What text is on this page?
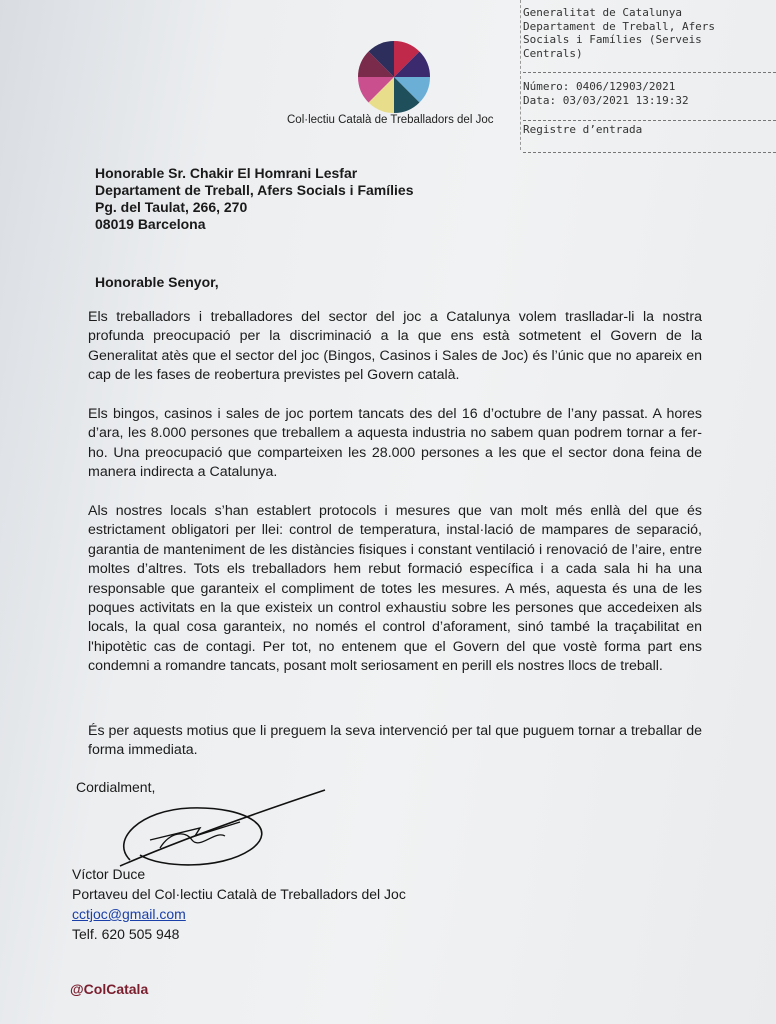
Generalitat de Catalunya
Departament de Treball, Afers
Socials i Famílies (Serveis
Centrals)
Número: 0406/12903/2021
Data: 03/03/2021 13:19:32
Registre d’entrada
Col·lectiu Català de Treballadors del Joc
Honorable Sr. Chakir El Homrani Lesfar
Departament de Treball, Afers Socials i Famílies
Pg. del Taulat, 266, 270
08019 Barcelona
Honorable Senyor,
Els treballadors i treballadores del sector del joc a Catalunya volem traslladar-li la nostra profunda preocupació per la discriminació a la que ens està sotmetent el Govern de la Generalitat atès que el sector del joc (Bingos, Casinos i Sales de Joc) és l’únic que no apareix en cap de les fases de reobertura previstes pel Govern català.
Els bingos, casinos i sales de joc portem tancats des del 16 d’octubre de l’any passat. A hores d’ara, les 8.000 persones que treballem a aquesta industria no sabem quan podrem tornar a fer-ho. Una preocupació que comparteixen les 28.000 persones a les que el sector dona feina de manera indirecta a Catalunya.
Als nostres locals s’han establert protocols i mesures que van molt més enllà del que és estrictament obligatori per llei: control de temperatura, instal·lació de mampares de separació, garantia de manteniment de les distàncies fisiques i constant ventilació i renovació de l’aire, entre moltes d’altres. Tots els treballadors hem rebut formació específica i a cada sala hi ha una responsable que garanteix el compliment de totes les mesures. A més, aquesta és una de les poques activitats en la que existeix un control exhaustiu sobre les persones que accedeixen als locals, la qual cosa garanteix, no només el control d’aforament, sinó també la traçabilitat en l'hipotètic cas de contagi. Per tot, no entenem que el Govern del que vostè forma part ens condemni a romandre tancats, posant molt seriosament en perill els nostres llocs de treball.
És per aquests motius que li preguem la seva intervenció per tal que puguem tornar a treballar de forma immediata.
Cordialment,
Víctor Duce
Portaveu del Col·lectiu Català de Treballadors del Joc
cctjoc@gmail.com
Telf. 620 505 948
@ColCatala
